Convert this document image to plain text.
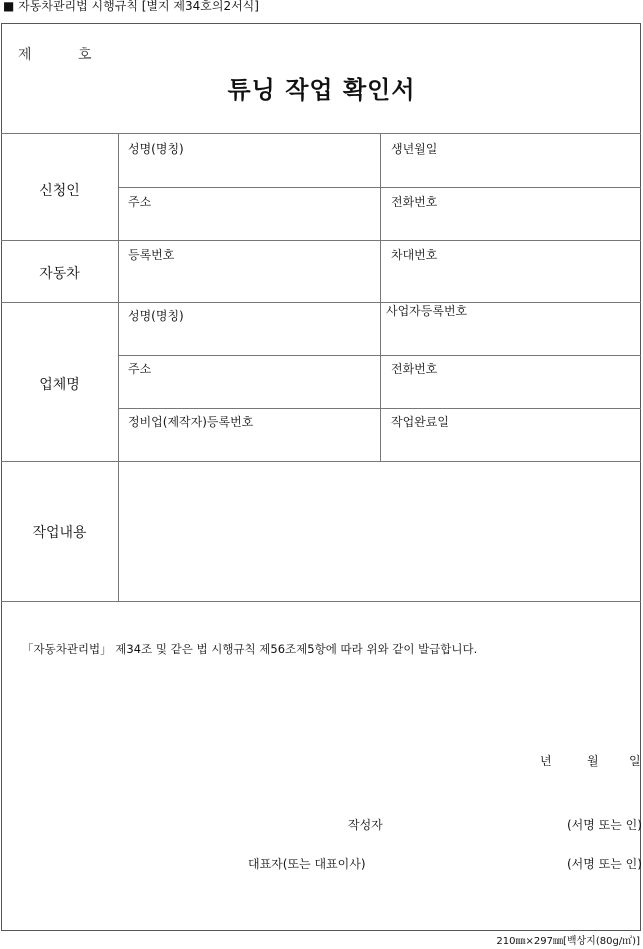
■ 자동차관리법 시행규칙 [별지 제34호의2서식]
제	호
튜닝 작업 확인서
신청인
성명(명칭)	생년월일
주소	전화번호
자동차
등록번호	차대번호
업체명
성명(명칭)	사업자등록번호
주소	전화번호
정비업(제작자)등록번호	작업완료일
작업내용
「자동차관리법」 제34조 및 같은 법 시행규칙 제56조제5항에 따라 위와 같이 발급합니다.
년	월	일
작성자	(서명 또는 인)
대표자(또는 대표이사)	(서명 또는 인)
210㎜×297㎜[백상지(80g/㎡)]
